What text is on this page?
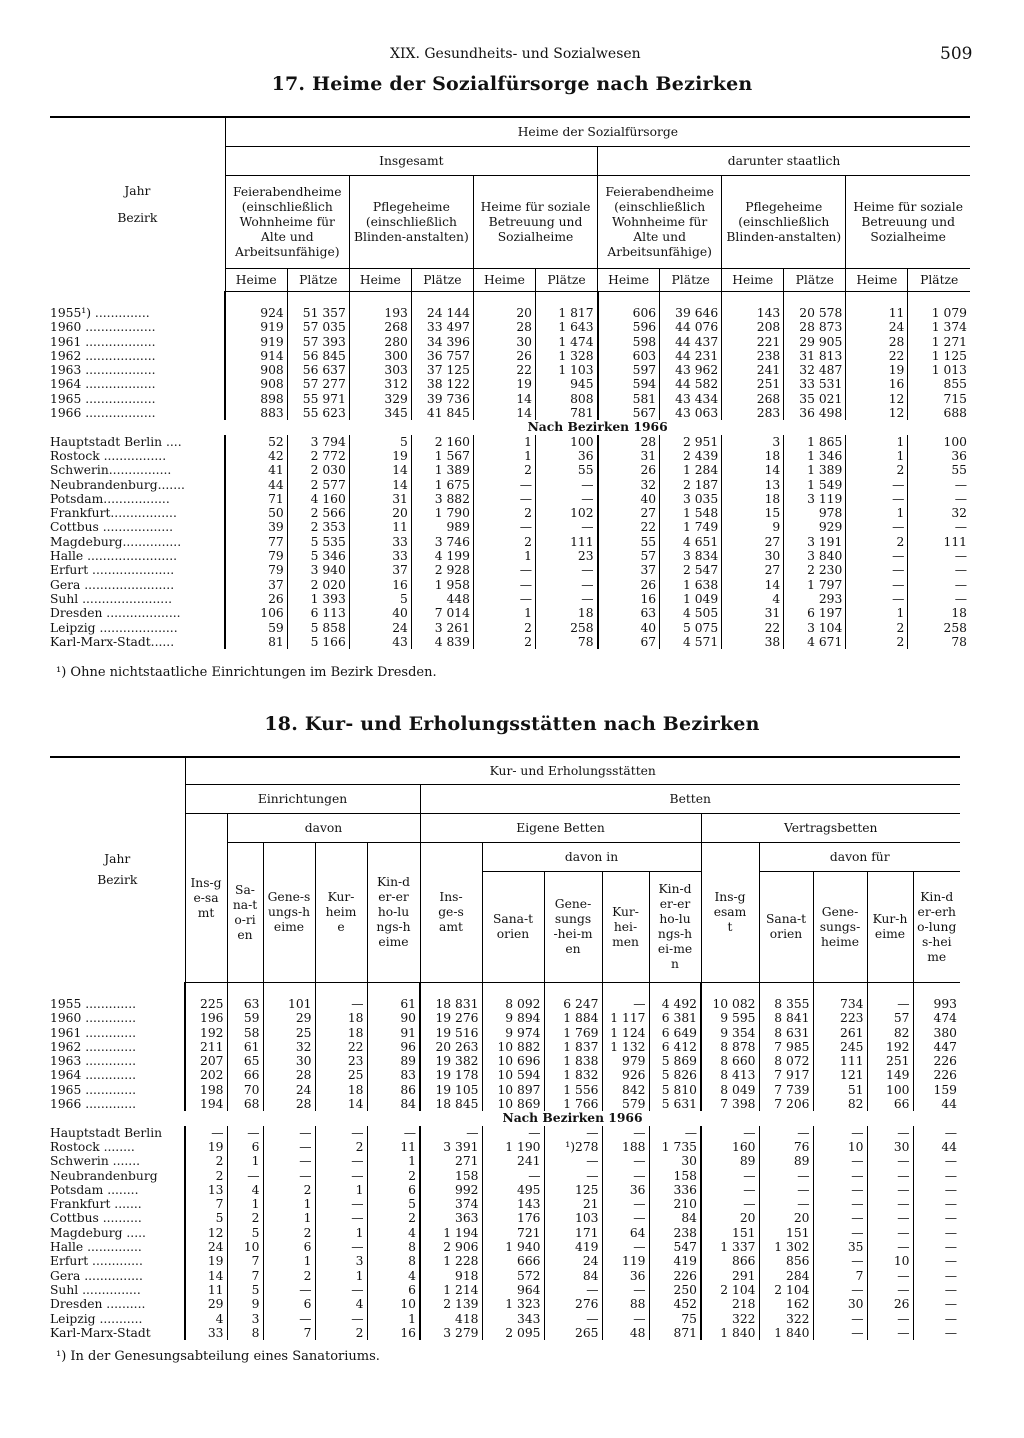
XIX. Gesundheits- und Sozialwesen	509
17. Heime der Sozialfürsorge nach Bezirken
Jahr
Bezirk	Heime der Sozialfürsorge											
	Insgesamt						darunter staatlich					
	Feierabendheime (einschließlich Wohnheime für Alte und Arbeitsunfähige)		Pflegeheime (einschließlich Blinden-anstalten)		Heime für soziale Betreuung und Sozialheime		Feierabendheime (einschließlich Wohnheime für Alte und Arbeitsunfähige)		Pflegeheime (einschließlich Blinden-anstalten)		Heime für soziale Betreuung und Sozialheime	
	Heime	Plätze	Heime	Plätze	Heime	Plätze	Heime	Plätze	Heime	Plätze	Heime	Plätze

1955¹) ..............	924	51 357	193	24 144	20	1 817	606	39 646	143	20 578	11	1 079
1960 ..................	919	57 035	268	33 497	28	1 643	596	44 076	208	28 873	24	1 374
1961 ..................	919	57 393	280	34 396	30	1 474	598	44 437	221	29 905	28	1 271
1962 ..................	914	56 845	300	36 757	26	1 328	603	44 231	238	31 813	22	1 125
1963 ..................	908	56 637	303	37 125	22	1 103	597	43 962	241	32 487	19	1 013
1964 ..................	908	57 277	312	38 122	19	945	594	44 582	251	33 531	16	855
1965 ..................	898	55 971	329	39 736	14	808	581	43 434	268	35 021	12	715
1966 ..................	883	55 623	345	41 845	14	781	567	43 063	283	36 498	12	688
	Nach Bezirken 1966											
Hauptstadt Berlin ....	52	3 794	5	2 160	1	100	28	2 951	3	1 865	1	100
Rostock ................	42	2 772	19	1 567	1	36	31	2 439	18	1 346	1	36
Schwerin................	41	2 030	14	1 389	2	55	26	1 284	14	1 389	2	55
Neubrandenburg.......	44	2 577	14	1 675	—	—	32	2 187	13	1 549	—	—
Potsdam.................	71	4 160	31	3 882	—	—	40	3 035	18	3 119	—	—
Frankfurt.................	50	2 566	20	1 790	2	102	27	1 548	15	978	1	32
Cottbus ..................	39	2 353	11	989	—	—	22	1 749	9	929	—	—
Magdeburg...............	77	5 535	33	3 746	2	111	55	4 651	27	3 191	2	111
Halle .......................	79	5 346	33	4 199	1	23	57	3 834	30	3 840	—	—
Erfurt .....................	79	3 940	37	2 928	—	—	37	2 547	27	2 230	—	—
Gera .......................	37	2 020	16	1 958	—	—	26	1 638	14	1 797	—	—
Suhl .......................	26	1 393	5	448	—	—	16	1 049	4	293	—	—
Dresden ...................	106	6 113	40	7 014	1	18	63	4 505	31	6 197	1	18
Leipzig ....................	59	5 858	24	3 261	2	258	40	5 075	22	3 104	2	258
Karl-Marx-Stadt......	81	5 166	43	4 839	2	78	67	4 571	38	4 671	2	78
¹) Ohne nichtstaatliche Einrichtungen im Bezirk Dresden.
18. Kur- und Erholungsstätten nach Bezirken
Jahr
Bezirk	Kur- und Erholungsstätten														
	Einrichtungen					Betten									
	Ins-ge-samt	davon				Eigene Betten					Vertragsbetten				
		Sa-na-to-rien	Gene-sungs-heime	Kur-heime	Kin-der-erho-lungs-heime	Ins-ge-samt	davon in				Ins-gesamt	davon für			
							Sana-torien	Gene-sungs-hei-men	Kur-hei-men	Kin-der-erho-lungs-hei-men		Sana-torien	Gene-sungs-heime	Kur-heime	Kin-der-erho-lungs-heime

1955 .............	225	63	101	—	61	18 831	8 092	6 247	—	4 492	10 082	8 355	734	—	993
1960 .............	196	59	29	18	90	19 276	9 894	1 884	1 117	6 381	9 595	8 841	223	57	474
1961 .............	192	58	25	18	91	19 516	9 974	1 769	1 124	6 649	9 354	8 631	261	82	380
1962 .............	211	61	32	22	96	20 263	10 882	1 837	1 132	6 412	8 878	7 985	245	192	447
1963 .............	207	65	30	23	89	19 382	10 696	1 838	979	5 869	8 660	8 072	111	251	226
1964 .............	202	66	28	25	83	19 178	10 594	1 832	926	5 826	8 413	7 917	121	149	226
1965 .............	198	70	24	18	86	19 105	10 897	1 556	842	5 810	8 049	7 739	51	100	159
1966 .............	194	68	28	14	84	18 845	10 869	1 766	579	5 631	7 398	7 206	82	66	44
	Nach Bezirken 1966														
Hauptstadt Berlin	—	—	—	—	—	—	—	—	—	—	—	—	—	—	—
Rostock ........	19	6	—	2	11	3 391	1 190	¹)278	188	1 735	160	76	10	30	44
Schwerin .......	2	1	—	—	1	271	241	—	—	30	89	89	—	—	—
Neubrandenburg	2	—	—	—	2	158	—	—	—	158	—	—	—	—	—
Potsdam ........	13	4	2	1	6	992	495	125	36	336	—	—	—	—	—
Frankfurt .......	7	1	1	—	5	374	143	21	—	210	—	—	—	—	—
Cottbus ..........	5	2	1	—	2	363	176	103	—	84	20	20	—	—	—
Magdeburg .....	12	5	2	1	4	1 194	721	171	64	238	151	151	—	—	—
Halle ..............	24	10	6	—	8	2 906	1 940	419	—	547	1 337	1 302	35	—	—
Erfurt .............	19	7	1	3	8	1 228	666	24	119	419	866	856	—	10	—
Gera ...............	14	7	2	1	4	918	572	84	36	226	291	284	7	—	—
Suhl ...............	11	5	—	—	6	1 214	964	—	—	250	2 104	2 104	—	—	—
Dresden ..........	29	9	6	4	10	2 139	1 323	276	88	452	218	162	30	26	—
Leipzig ...........	4	3	—	—	1	418	343	—	—	75	322	322	—	—	—
Karl-Marx-Stadt	33	8	7	2	16	3 279	2 095	265	48	871	1 840	1 840	—	—	—
¹) In der Genesungsabteilung eines Sanatoriums.
